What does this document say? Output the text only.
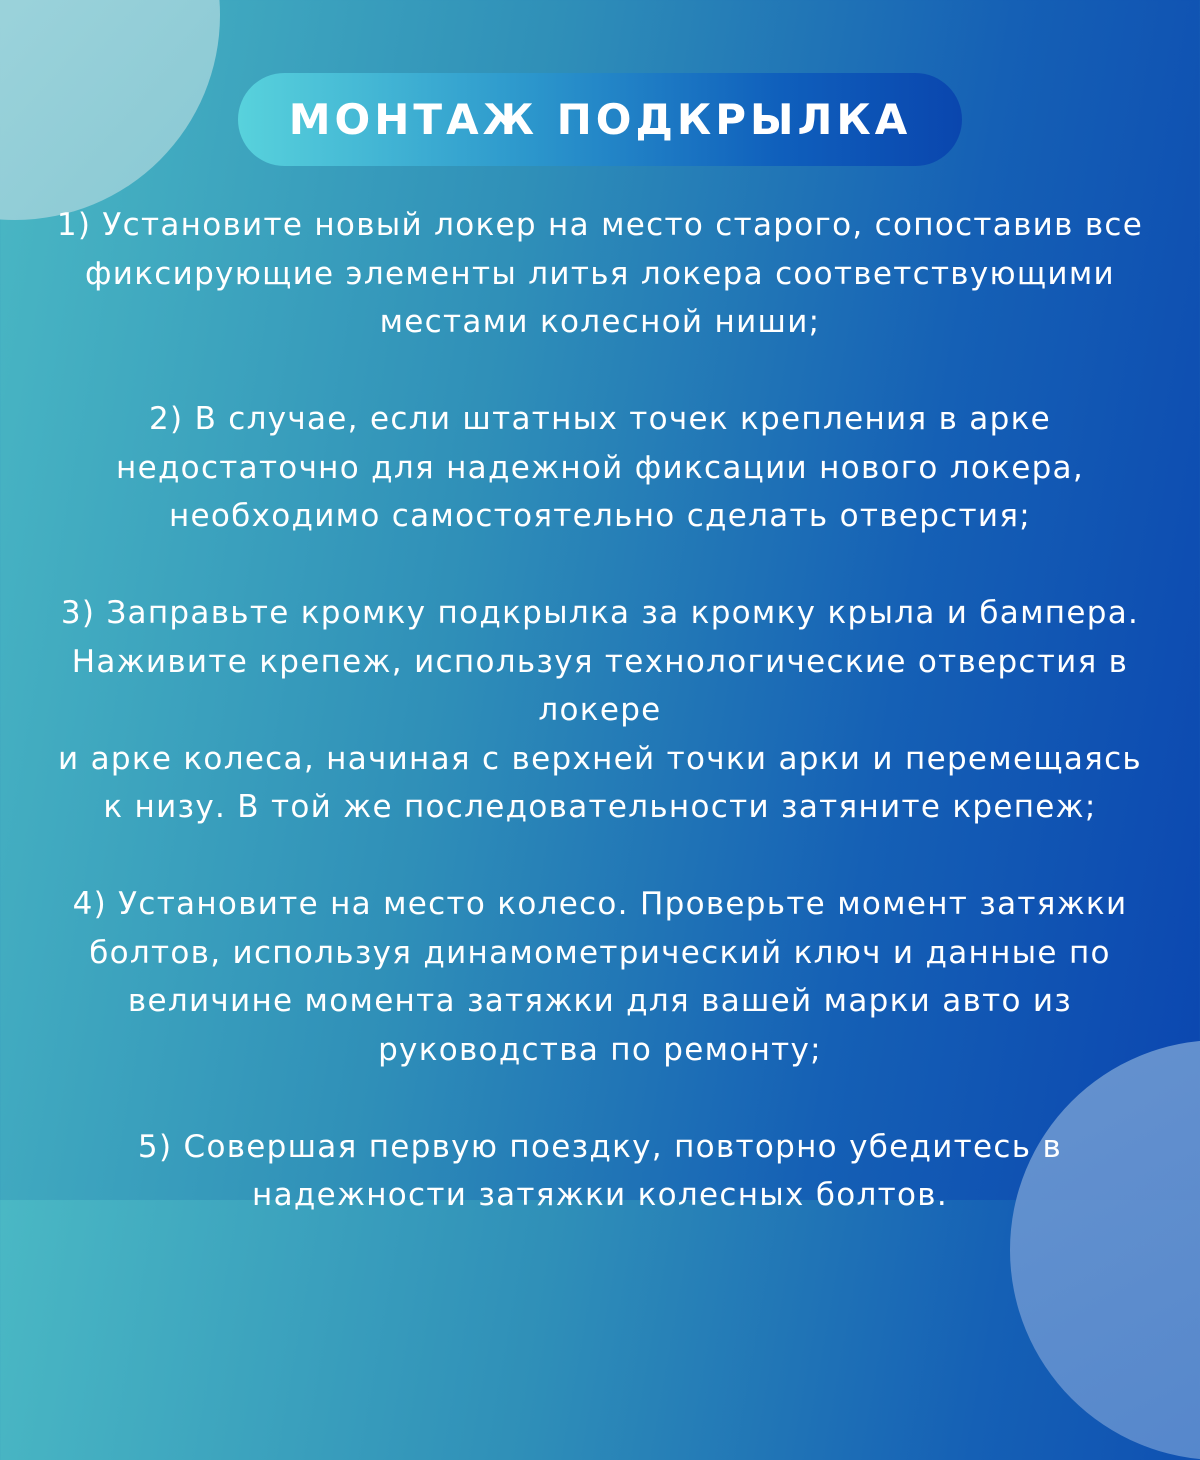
МОНТАЖ ПОДКРЫЛКА
1) Установите новый локер на место старого, сопоставив все
фиксирующие элементы литья локера соответствующими
местами колесной ниши;
2) В случае, если штатных точек крепления в арке
недостаточно для надежной фиксации нового локера,
необходимо самостоятельно сделать отверстия;
3) Заправьте кромку подкрылка за кромку крыла и бампера.
Наживите крепеж, используя технологические отверстия в
локере
и арке колеса, начиная с верхней точки арки и перемещаясь
к низу. В той же последовательности затяните крепеж;
4) Установите на место колесо. Проверьте момент затяжки
болтов, используя динамометрический ключ и данные по
величине момента затяжки для вашей марки авто из
руководства по ремонту;
5) Совершая первую поездку, повторно убедитесь в
надежности затяжки колесных болтов.
